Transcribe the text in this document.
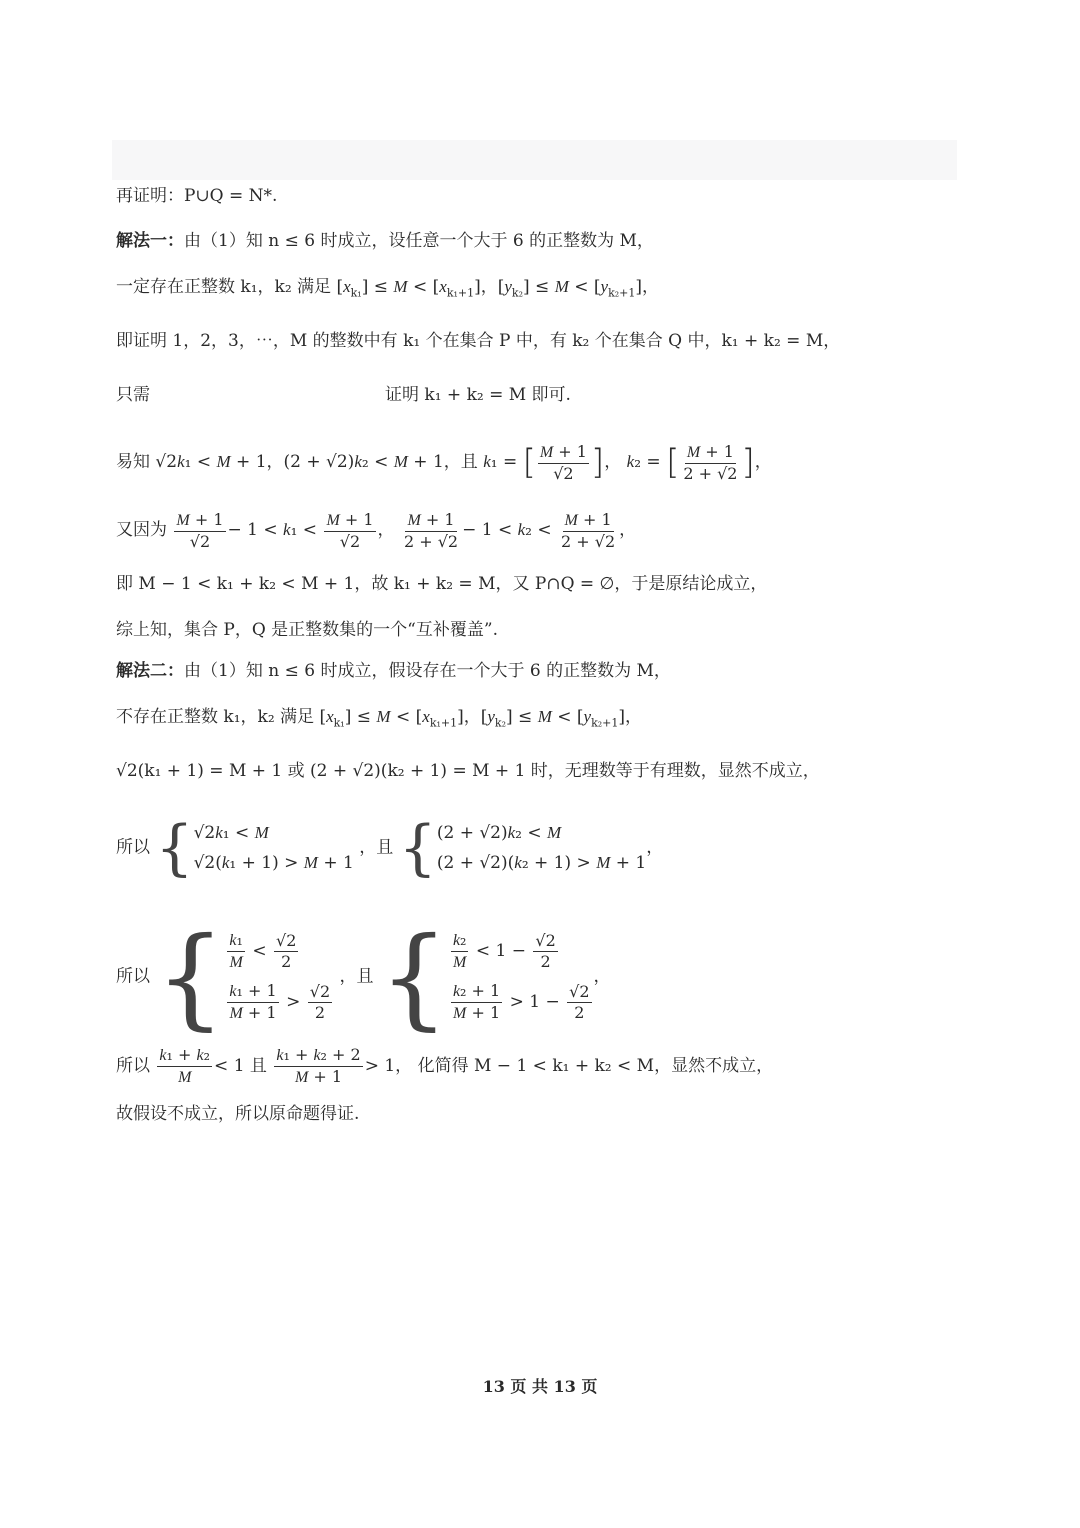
再证明：P∪Q = N*.
解法一：由（1）知 n ≤ 6 时成立，设任意一个大于 6 的正整数为 M，
一定存在正整数 k₁，k₂ 满足 $[x_{k_1}] \le M < [x_{k_1+1}]$，$[y_{k_2}] \le M < [y_{k_2+1}]$，
即证明 1，2，3，⋯，M 的整数中有 k₁ 个在集合 P 中，有 k₂ 个在集合 Q 中，k₁ + k₂ = M，
只需	证明 k₁ + k₂ = M 即可.
易知 √2k₁ < M + 1，(2 + √2)k₂ < M + 1，且 k₁ = [ $\frac{M + 1}{√2}$ ]， k₂ = [ $\frac{M + 1}{2 + √2}$ ]，
又因为 $\frac{M + 1}{√2} - 1 < k_1 < \frac{M + 1}{√2}$ ， $\frac{M + 1}{2 + √2} - 1 < k_2 < \frac{M + 1}{2 + √2}$ ，
即 M − 1 < k₁ + k₂ < M + 1，故 k₁ + k₂ = M，又 P∩Q = ∅，于是原结论成立，
综上知，集合 P，Q 是正整数集的一个“互补覆盖”.
解法二：由（1）知 n ≤ 6 时成立，假设存在一个大于 6 的正整数为 M，
不存在正整数 k₁，k₂ 满足 $[x_{k_1}] \le M < [x_{k_1+1}]$，$[y_{k_2}] \le M < [y_{k_2+1}]$，
√2(k₁ + 1) = M + 1 或 (2 + √2)(k₂ + 1) = M + 1 时，无理数等于有理数，显然不成立，
所以 { √2k₁ < M
√2(k₁ + 1) > M + 1
，且 { (2 + √2)k₂ < M
(2 + √2)(k₂ + 1) > M + 1
，
所以 { $\frac{\text{k₁}}{M} < \frac{√2}{2}$
$\frac{\text{k₁ + 1}}{M + 1} > \frac{√2}{2}$
，且 { $\frac{\text{k₂}}{M} < 1 - \frac{√2}{2}$
$\frac{\text{k₂ + 1}}{M + 1} > 1 - \frac{√2}{2}$
，
所以 $\frac{\text{k₁ + k₂}}{M} < 1$ 且 $\frac{\text{k₁ + k₂ + 2}}{M + 1} > 1$， 化简得 M − 1 < k₁ + k₂ < M，显然不成立，
故假设不成立，所以原命题得证.
13 页 共 13 页
